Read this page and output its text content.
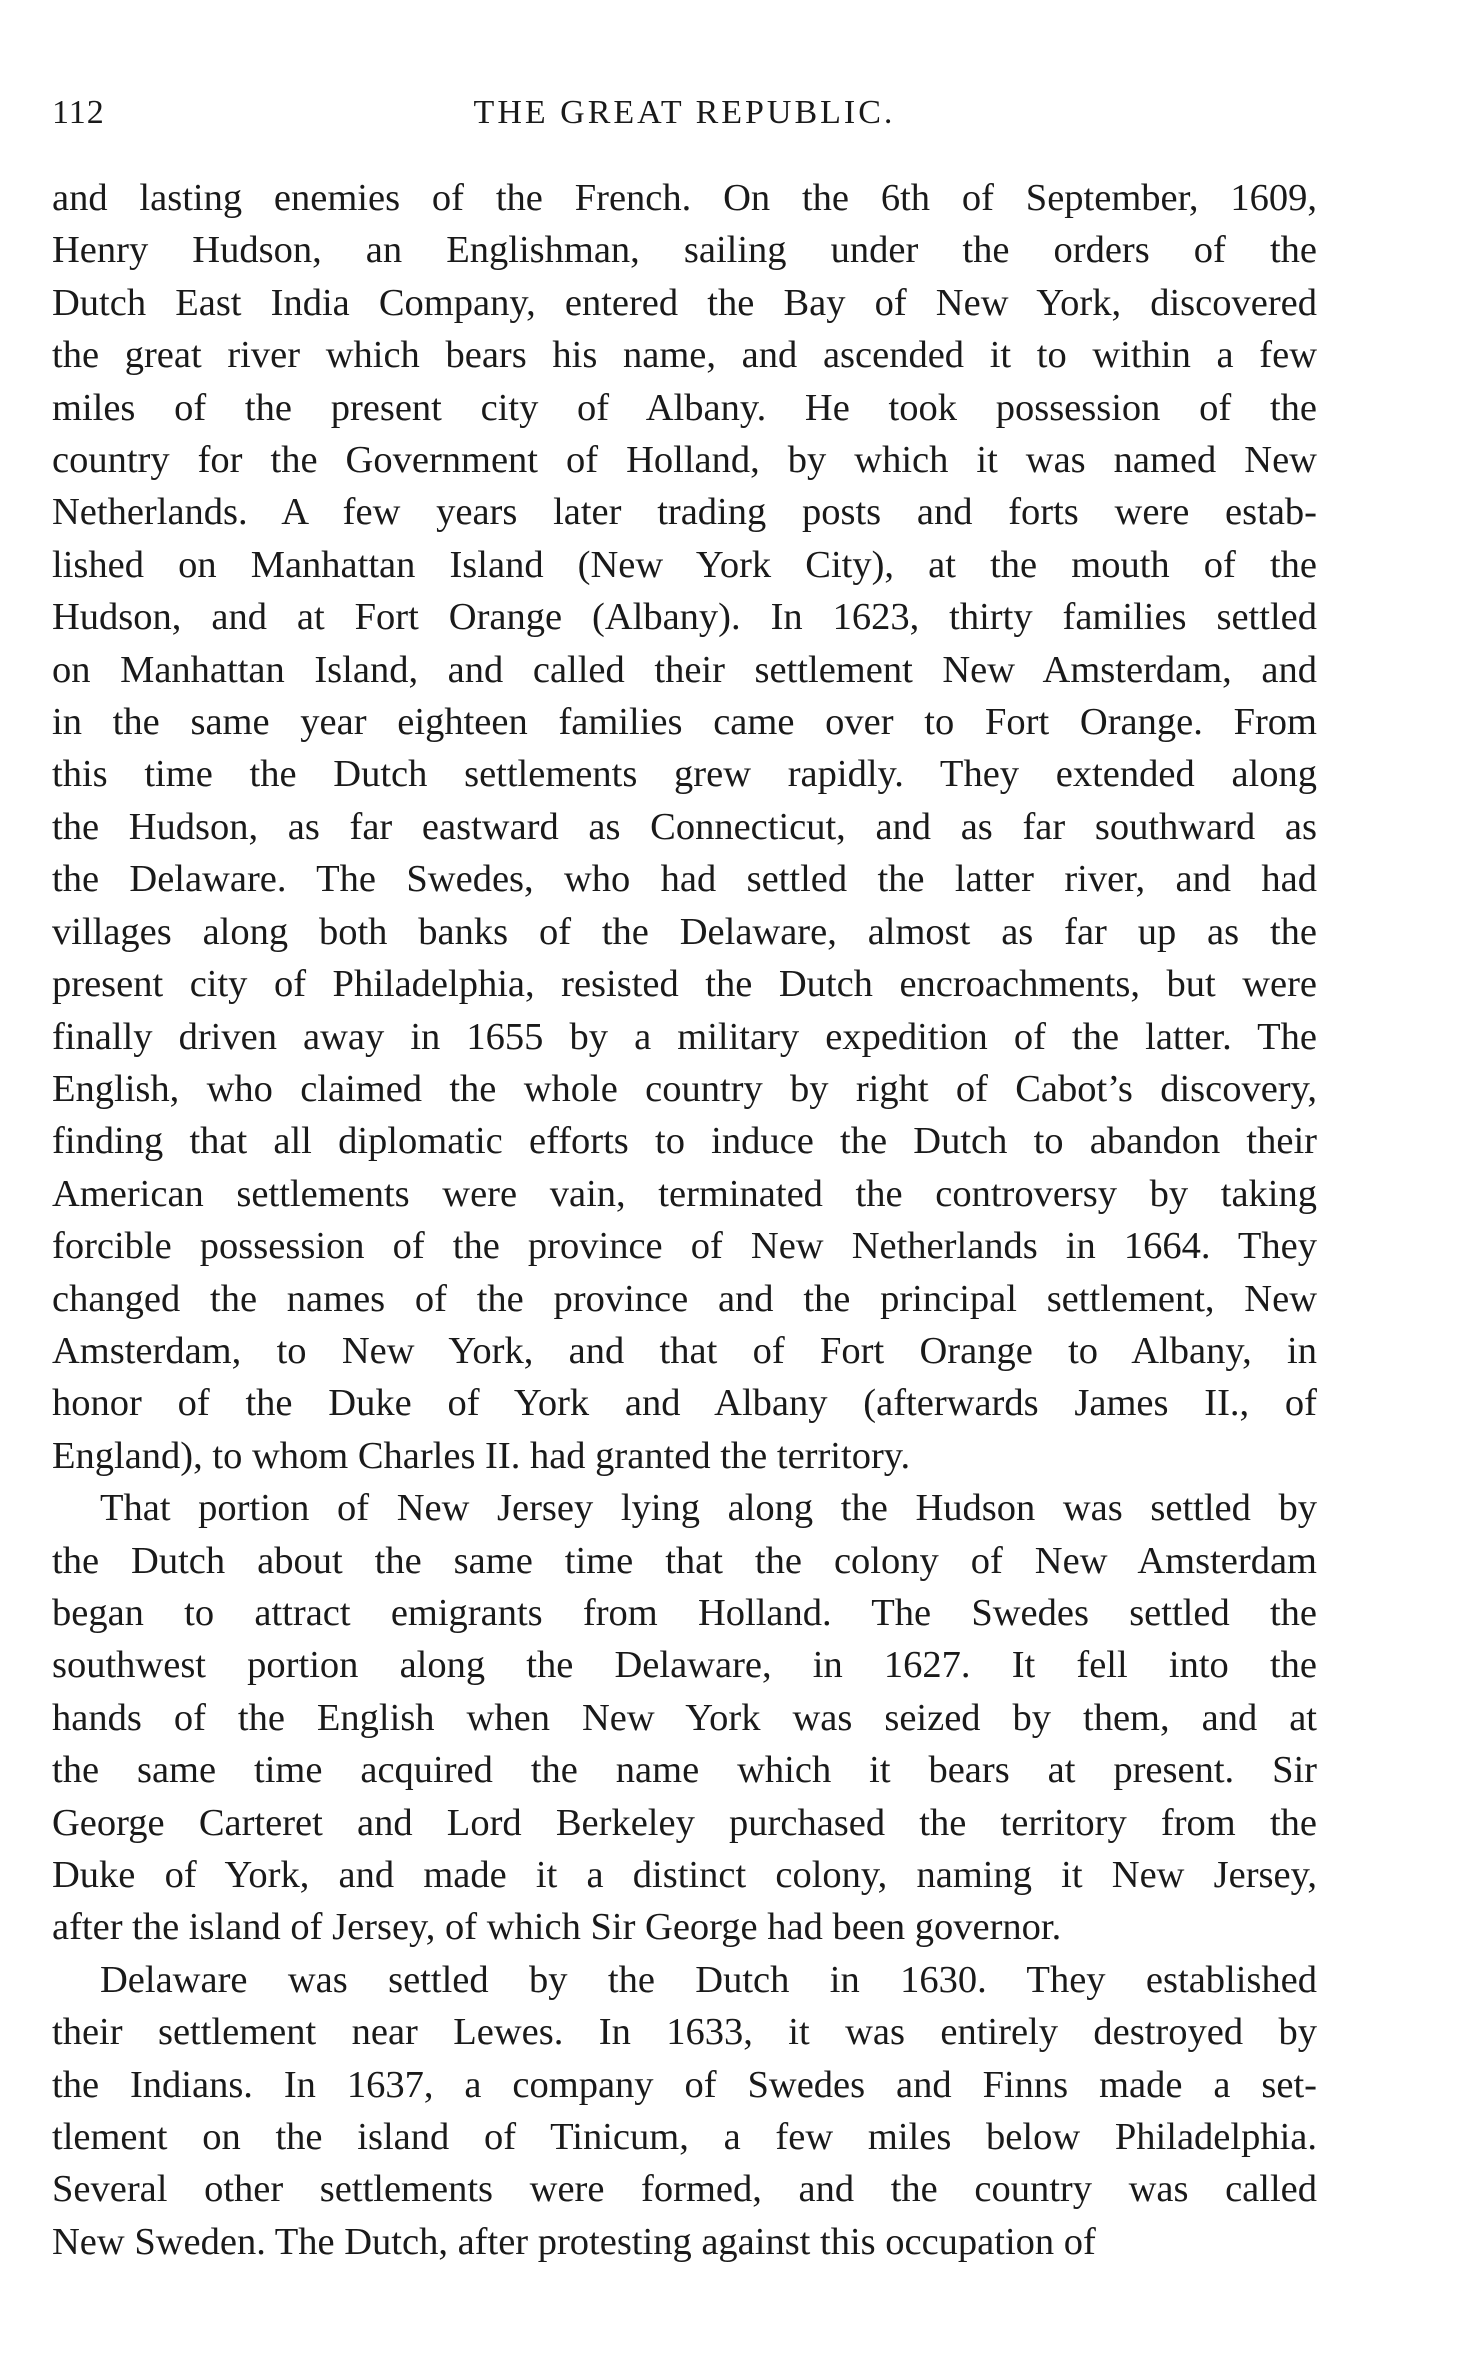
112	THE GREAT REPUBLIC.
and lasting enemies of the French. On the 6th of September, 1609,
Henry Hudson, an Englishman, sailing under the orders of the
Dutch East India Company, entered the Bay of New York, discovered
the great river which bears his name, and ascended it to within a few
miles of the present city of Albany. He took possession of the
country for the Government of Holland, by which it was named New
Netherlands. A few years later trading posts and forts were estab-
lished on Manhattan Island (New York City), at the mouth of the
Hudson, and at Fort Orange (Albany). In 1623, thirty families settled
on Manhattan Island, and called their settlement New Amsterdam, and
in the same year eighteen families came over to Fort Orange. From
this time the Dutch settlements grew rapidly. They extended along
the Hudson, as far eastward as Connecticut, and as far southward as
the Delaware. The Swedes, who had settled the latter river, and had
villages along both banks of the Delaware, almost as far up as the
present city of Philadelphia, resisted the Dutch encroachments, but were
finally driven away in 1655 by a military expedition of the latter. The
English, who claimed the whole country by right of Cabot’s discovery,
finding that all diplomatic efforts to induce the Dutch to abandon their
American settlements were vain, terminated the controversy by taking
forcible possession of the province of New Netherlands in 1664. They
changed the names of the province and the principal settlement, New
Amsterdam, to New York, and that of Fort Orange to Albany, in
honor of the Duke of York and Albany (afterwards James II., of
England), to whom Charles II. had granted the territory.
That portion of New Jersey lying along the Hudson was settled by
the Dutch about the same time that the colony of New Amsterdam
began to attract emigrants from Holland. The Swedes settled the
southwest portion along the Delaware, in 1627. It fell into the
hands of the English when New York was seized by them, and at
the same time acquired the name which it bears at present. Sir
George Carteret and Lord Berkeley purchased the territory from the
Duke of York, and made it a distinct colony, naming it New Jersey,
after the island of Jersey, of which Sir George had been governor.
Delaware was settled by the Dutch in 1630. They established
their settlement near Lewes. In 1633, it was entirely destroyed by
the Indians. In 1637, a company of Swedes and Finns made a set-
tlement on the island of Tinicum, a few miles below Philadelphia.
Several other settlements were formed, and the country was called
New Sweden. The Dutch, after protesting against this occupation of
